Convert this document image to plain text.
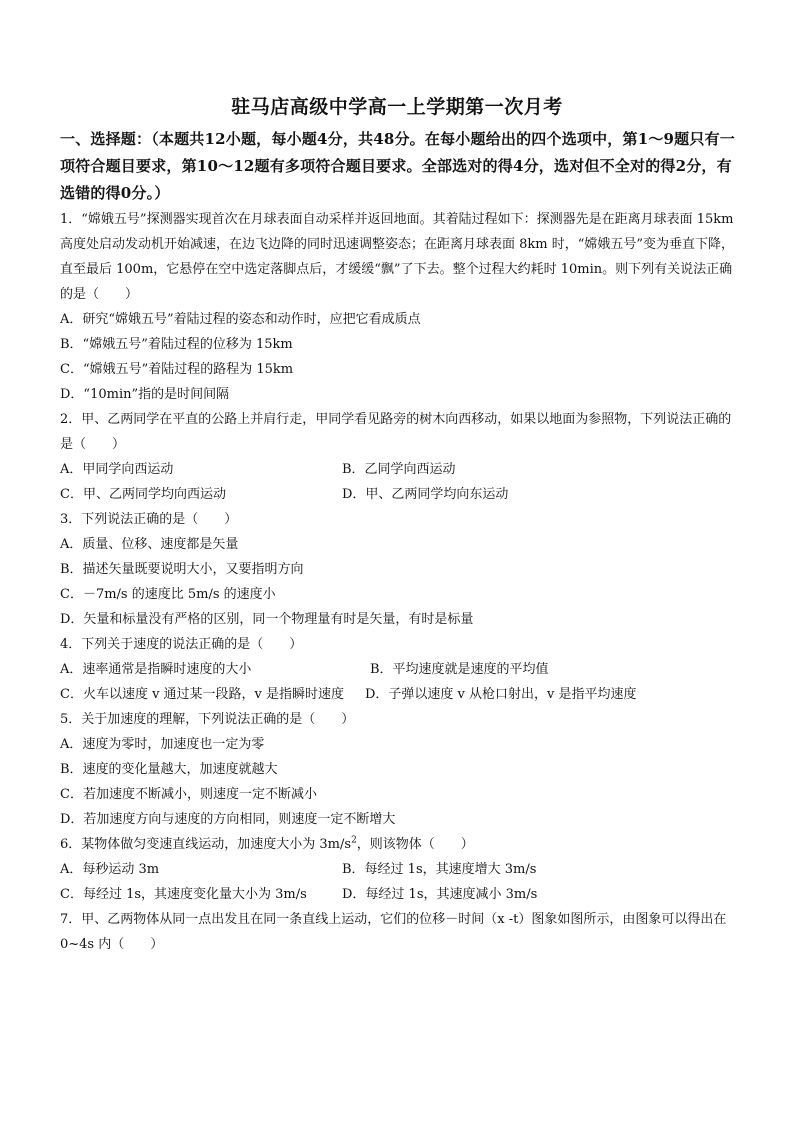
驻马店高级中学高一上学期第一次月考
一、选择题：（本题共12小题，每小题4分，共48分。在每小题给出的四个选项中，第1～9题只有一项符合题目要求，第10～12题有多项符合题目要求。全部选对的得4分，选对但不全对的得2分，有选错的得0分。）
1．“嫦娥五号”探测器实现首次在月球表面自动采样并返回地面。其着陆过程如下：探测器先是在距离月球表面 15km 高度处启动发动机开始减速，在边飞边降的同时迅速调整姿态；在距离月球表面 8km 时，“嫦娥五号”变为垂直下降，直至最后 100m，它悬停在空中选定落脚点后，才缓缓“飘”了下去。整个过程大约耗时 10min。则下列有关说法正确的是（　　）
A．研究“嫦娥五号”着陆过程的姿态和动作时，应把它看成质点
B．“嫦娥五号”着陆过程的位移为 15km
C．“嫦娥五号”着陆过程的路程为 15km
D．“10min”指的是时间间隔
2．甲、乙两同学在平直的公路上并肩行走，甲同学看见路旁的树木向西移动，如果以地面为参照物，下列说法正确的是（　　）
A．甲同学向西运动	B．乙同学向西运动
C．甲、乙两同学均向西运动	D．甲、乙两同学均向东运动
3．下列说法正确的是（　　）
A．质量、位移、速度都是矢量
B．描述矢量既要说明大小，又要指明方向
C．－7m/s 的速度比 5m/s 的速度小
D．矢量和标量没有严格的区别，同一个物理量有时是矢量，有时是标量
4．下列关于速度的说法正确的是（　　）
A．速率通常是指瞬时速度的大小	B．平均速度就是速度的平均值
C．火车以速度 v 通过某一段路，v 是指瞬时速度	D．子弹以速度 v 从枪口射出，v 是指平均速度
5．关于加速度的理解，下列说法正确的是（　　）
A．速度为零时，加速度也一定为零
B．速度的变化量越大，加速度就越大
C．若加速度不断减小，则速度一定不断减小
D．若加速度方向与速度的方向相同，则速度一定不断增大
6．某物体做匀变速直线运动，加速度大小为 $3m/s^2$，则该物体（　　）
A．每秒运动 3m	B．每经过 1s，其速度增大 3m/s
C．每经过 1s，其速度变化量大小为 3m/s	D．每经过 1s，其速度减小 3m/s
7．甲、乙两物体从同一点出发且在同一条直线上运动，它们的位移－时间（x -t）图象如图所示，由图象可以得出在 0~4s 内（　　）
